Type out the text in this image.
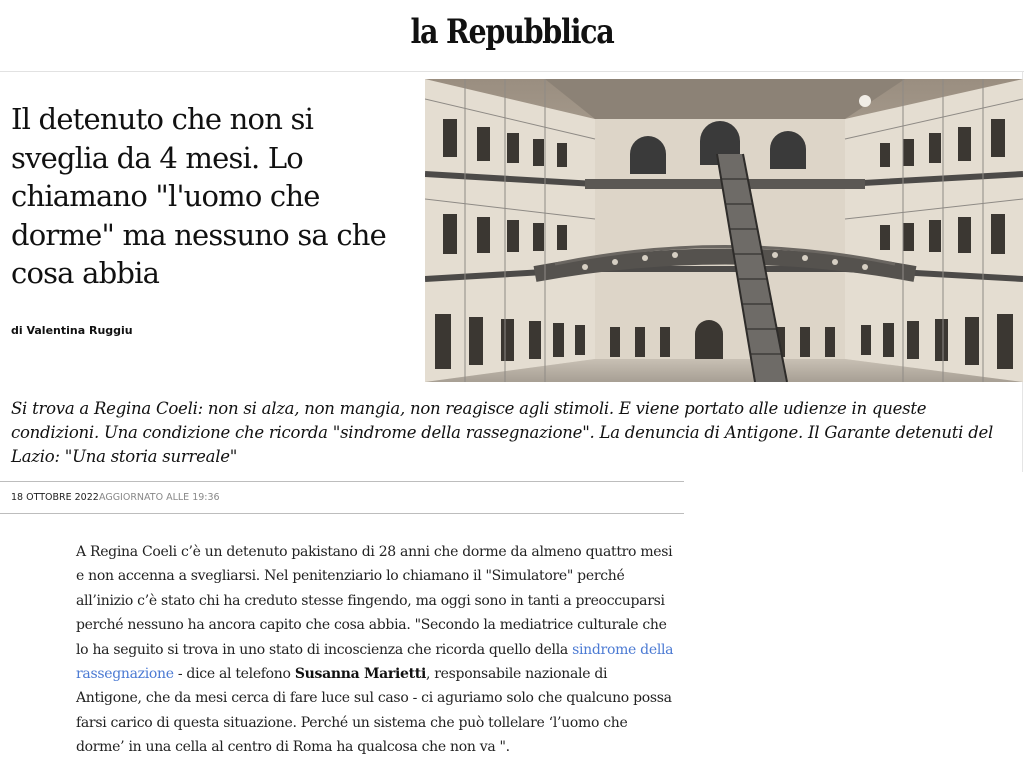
la Repubblica
Il detenuto che non si sveglia da 4 mesi. Lo chiamano "l'uomo che dorme" ma nessuno sa che cosa abbia
di Valentina Ruggiu

Si trova a Regina Coeli: non si alza, non mangia, non reagisce agli stimoli. E viene portato alle udienze in queste condizioni. Una condizione che ricorda "sindrome della rassegnazione". La denuncia di Antigone. Il Garante detenuti del Lazio: "Una storia surreale"

18 OTTOBRE 2022 AGGIORNATO ALLE 19:36
A Regina Coeli c’è un detenuto pakistano di 28 anni che dorme da almeno quattro mesi e non accenna a svegliarsi. Nel penitenziario lo chiamano il "Simulatore" perché all’inizio c’è stato chi ha creduto stesse fingendo, ma oggi sono in tanti a preoccuparsi perché nessuno ha ancora capito che cosa abbia. "Secondo la mediatrice culturale che lo ha seguito si trova in uno stato di incoscienza che ricorda quello della sindrome della rassegnazione - dice al telefono Susanna Marietti, responsabile nazionale di Antigone, che da mesi cerca di fare luce sul caso - ci aguriamo solo che qualcuno possa farsi carico di questa situazione. Perché un sistema che può tollelare ‘l’uomo che dorme’ in una cella al centro di Roma ha qualcosa che non va ".
